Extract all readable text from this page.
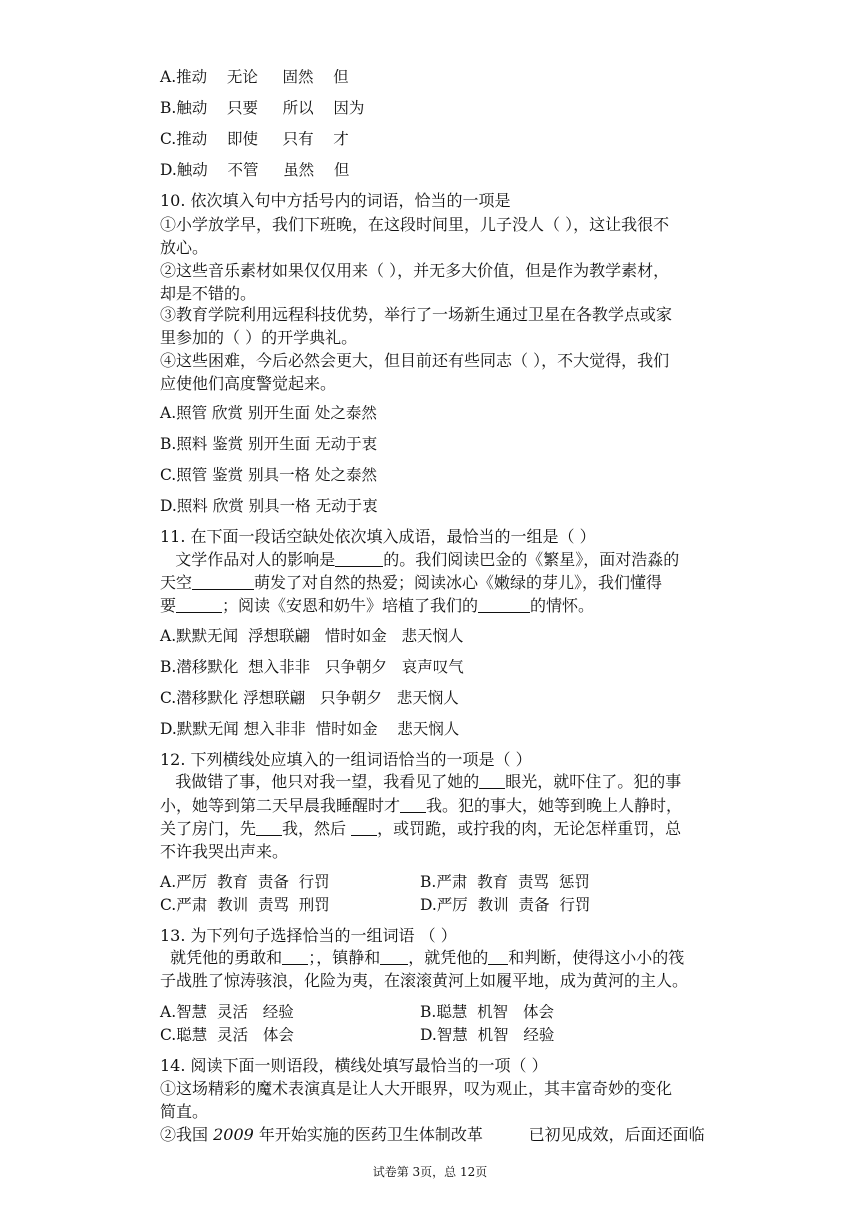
A.推动    无论     固然    但
B.触动    只要     所以    因为
C.推动    即使     只有    才
D.触动    不管     虽然    但
10. 依次填入句中方括号内的词语，恰当的一项是
①小学放学早，我们下班晚，在这段时间里，儿子没人（ ），这让我很不
放心。
②这些音乐素材如果仅仅用来（ ），并无多大价值，但是作为教学素材，
却是不错的。
③教育学院利用远程科技优势，举行了一场新生通过卫星在各教学点或家
里参加的（ ）的开学典礼。
④这些困难，今后必然会更大，但目前还有些同志（ ），不大觉得，我们
应使他们高度警觉起来。
A.照管 欣赏 别开生面 处之泰然
B.照料 鉴赏 别开生面 无动于衷
C.照管 鉴赏 别具一格 处之泰然
D.照料 欣赏 别具一格 无动于衷
11. 在下面一段话空缺处依次填入成语，最恰当的一组是（ ）
文学作品对人的影响是	的。我们阅读巴金的《繁星》，面对浩淼的
天空	萌发了对自然的热爱；阅读冰心《嫩绿的芽儿》，我们懂得
要	；阅读《安恩和奶牛》培植了我们的	的情怀。
A.默默无闻  浮想联翩   惜时如金   悲天悯人
B.潜移默化  想入非非   只争朝夕   哀声叹气
C.潜移默化 浮想联翩   只争朝夕   悲天悯人
D.默默无闻 想入非非  惜时如金    悲天悯人
12. 下列横线处应填入的一组词语恰当的一项是（ ）
我做错了事，他只对我一望，我看见了她的 眼光，就吓住了。犯的事
小，她等到第二天早晨我睡醒时才 我。犯的事大，她等到晚上人静时，
关了房门，先 我，然后 ，或罚跪，或拧我的肉，无论怎样重罚，总
不许我哭出声来。
A.严厉  教育  责备  行罚	B.严肃  教育  责骂  惩罚
C.严肃  教训  责骂  刑罚	D.严厉  教训  责备  行罚
13. 为下列句子选择恰当的一组词语 （ ）
就凭他的勇敢和 ；，镇静和 ，就凭他的 和判断，使得这小小的筏
子战胜了惊涛骇浪，化险为夷，在滚滚黄河上如履平地，成为黄河的主人。
A.智慧  灵活   经验	B.聪慧  机智   体会
C.聪慧  灵活   体会	D.智慧  机智   经验
14. 阅读下面一则语段，横线处填写最恰当的一项（ ）
①这场精彩的魔术表演真是让人大开眼界，叹为观止，其丰富奇妙的变化
简直。
②我国 2009 年开始实施的医药卫生体制改革         已初见成效，后面还面临
试卷第 3页，总 12页
